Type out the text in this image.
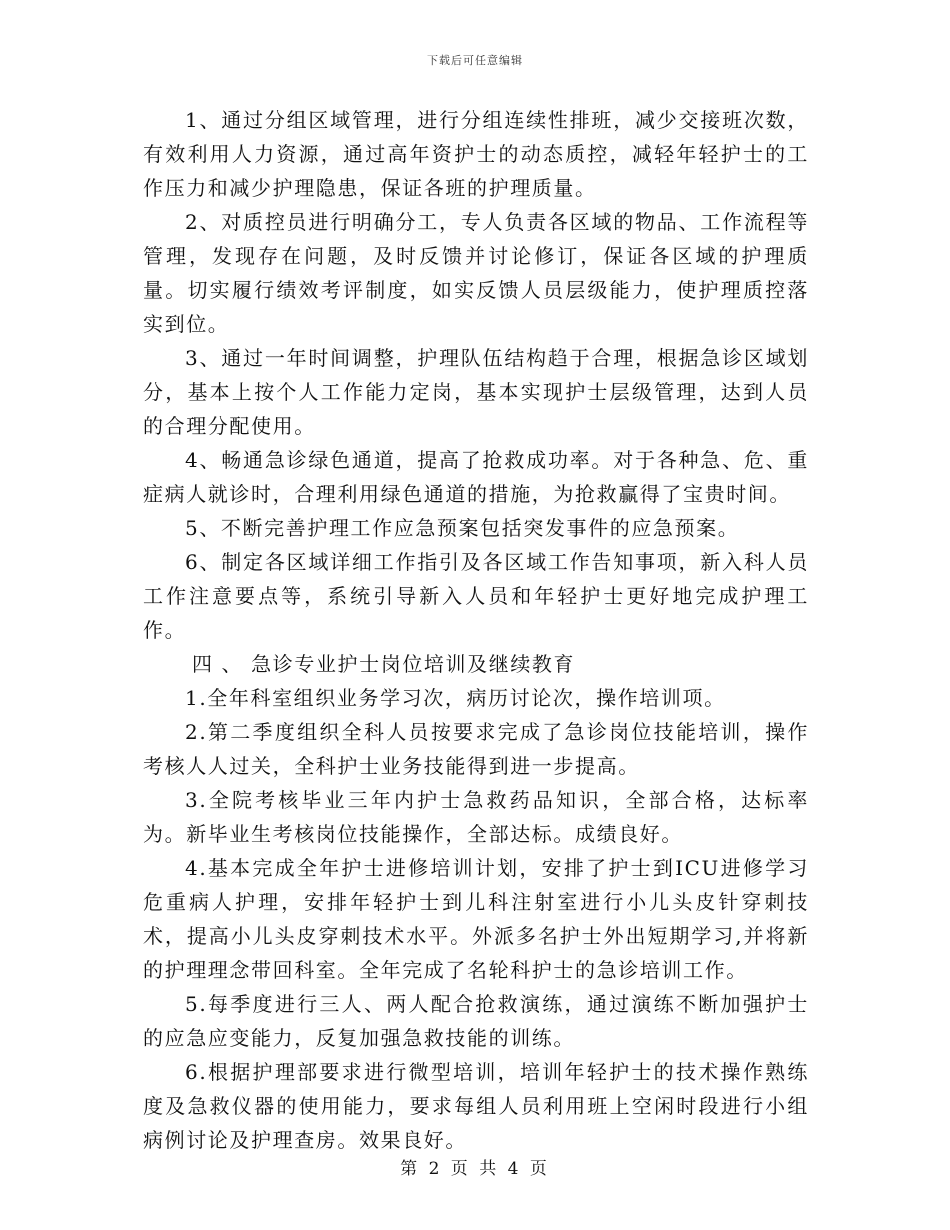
下载后可任意编辑

1、通过分组区域管理，进行分组连续性排班，减少交接班次数，有效利用人力资源，通过高年资护士的动态质控，减轻年轻护士的工作压力和减少护理隐患，保证各班的护理质量。

2、对质控员进行明确分工，专人负责各区域的物品、工作流程等管理，发现存在问题，及时反馈并讨论修订，保证各区域的护理质量。切实履行绩效考评制度，如实反馈人员层级能力，使护理质控落实到位。

3、通过一年时间调整，护理队伍结构趋于合理，根据急诊区域划分，基本上按个人工作能力定岗，基本实现护士层级管理，达到人员的合理分配使用。

4、畅通急诊绿色通道，提高了抢救成功率。对于各种急、危、重症病人就诊时，合理利用绿色通道的措施，为抢救赢得了宝贵时间。

5、不断完善护理工作应急预案包括突发事件的应急预案。

6、制定各区域详细工作指引及各区域工作告知事项，新入科人员工作注意要点等，系统引导新入人员和年轻护士更好地完成护理工作。

四 、 急诊专业护士岗位培训及继续教育

1.全年科室组织业务学习次，病历讨论次，操作培训项。

2.第二季度组织全科人员按要求完成了急诊岗位技能培训，操作考核人人过关，全科护士业务技能得到进一步提高。

3.全院考核毕业三年内护士急救药品知识，全部合格，达标率为。新毕业生考核岗位技能操作，全部达标。成绩良好。

4.基本完成全年护士进修培训计划，安排了护士到ICU进修学习危重病人护理，安排年轻护士到儿科注射室进行小儿头皮针穿刺技术，提高小儿头皮穿刺技术水平。外派多名护士外出短期学习,并将新的护理理念带回科室。全年完成了名轮科护士的急诊培训工作。

5.每季度进行三人、两人配合抢救演练，通过演练不断加强护士的应急应变能力，反复加强急救技能的训练。

6.根据护理部要求进行微型培训，培训年轻护士的技术操作熟练度及急救仪器的使用能力，要求每组人员利用班上空闲时段进行小组病例讨论及护理查房。效果良好。

第 2 页 共 4 页
